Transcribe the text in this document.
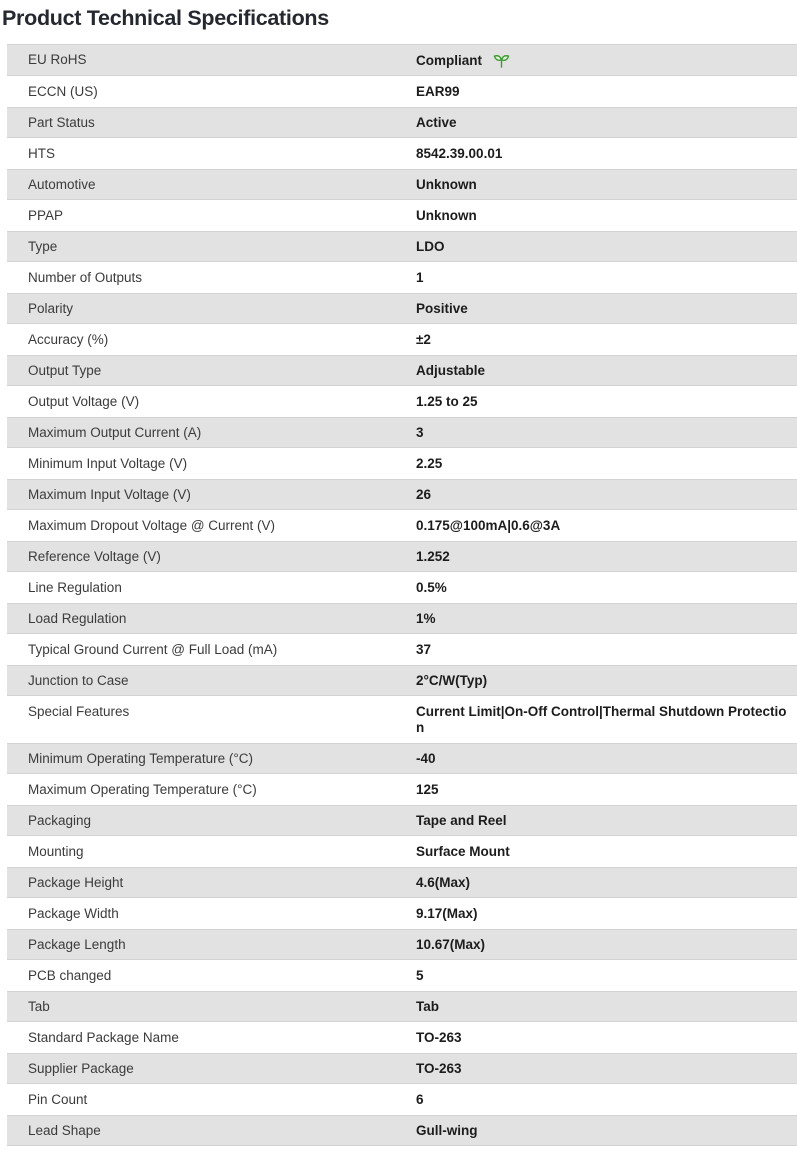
Product Technical Specifications
EU RoHS	Compliant
ECCN (US)	EAR99
Part Status	Active
HTS	8542.39.00.01
Automotive	Unknown
PPAP	Unknown
Type	LDO
Number of Outputs	1
Polarity	Positive
Accuracy (%)	±2
Output Type	Adjustable
Output Voltage (V)	1.25 to 25
Maximum Output Current (A)	3
Minimum Input Voltage (V)	2.25
Maximum Input Voltage (V)	26
Maximum Dropout Voltage @ Current (V)	0.175@100mA|0.6@3A
Reference Voltage (V)	1.252
Line Regulation	0.5%
Load Regulation	1%
Typical Ground Current @ Full Load (mA)	37
Junction to Case	2°C/W(Typ)
Special Features	Current Limit|On-Off Control|Thermal Shutdown Protection
Minimum Operating Temperature (°C)	-40
Maximum Operating Temperature (°C)	125
Packaging	Tape and Reel
Mounting	Surface Mount
Package Height	4.6(Max)
Package Width	9.17(Max)
Package Length	10.67(Max)
PCB changed	5
Tab	Tab
Standard Package Name	TO-263
Supplier Package	TO-263
Pin Count	6
Lead Shape	Gull-wing
